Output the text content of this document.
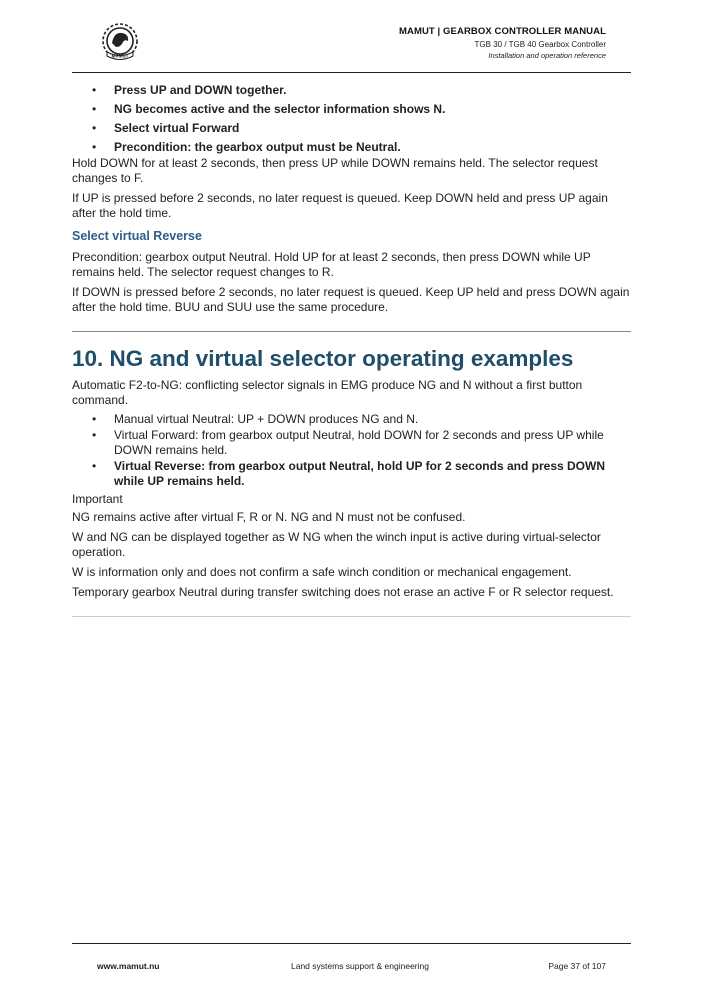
MAMUT
MAMUT | GEARBOX CONTROLLER MANUAL
TGB 30 / TGB 40 Gearbox Controller
Installation and operation reference
• Press UP and DOWN together.
• NG becomes active and the selector information shows N.
• Select virtual Forward
• Precondition: the gearbox output must be Neutral.

Hold DOWN for at least 2 seconds, then press UP while DOWN remains held. The selector request changes to F.

If UP is pressed before 2 seconds, no later request is queued. Keep DOWN held and press UP again after the hold time.

Select virtual Reverse

Precondition: gearbox output Neutral. Hold UP for at least 2 seconds, then press DOWN while UP remains held. The selector request changes to R.

If DOWN is pressed before 2 seconds, no later request is queued. Keep UP held and press DOWN again after the hold time. BUU and SUU use the same procedure.

10. NG and virtual selector operating examples

Automatic F2-to-NG: conflicting selector signals in EMG produce NG and N without a first button command.

• Manual virtual Neutral: UP + DOWN produces NG and N.
• Virtual Forward: from gearbox output Neutral, hold DOWN for 2 seconds and press UP while DOWN remains held.
• Virtual Reverse: from gearbox output Neutral, hold UP for 2 seconds and press DOWN while UP remains held.

Important

NG remains active after virtual F, R or N. NG and N must not be confused.

W and NG can be displayed together as W NG when the winch input is active during virtual-selector operation.

W is information only and does not confirm a safe winch condition or mechanical engagement.

Temporary gearbox Neutral during transfer switching does not erase an active F or R selector request.

www.mamut.nu	Land systems support & engineering	Page 37 of 107
